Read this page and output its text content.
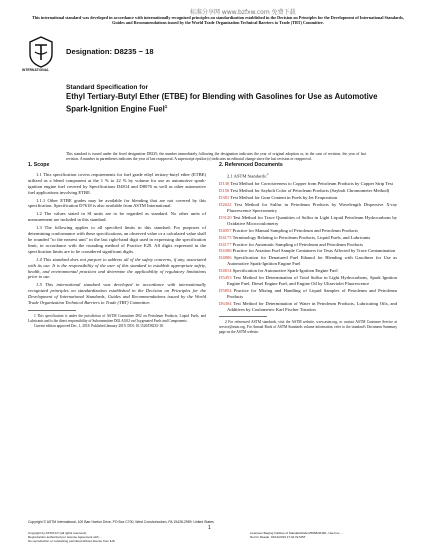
标准分享网 www.bzfxw.com 免费下载
This international standard was developed in accordance with internationally recognized principles on standardization established in the Decision on Principles for the Development of International Standards, Guides and Recommendations issued by the World Trade Organization Technical Barriers to Trade (TBT) Committee.
INTERNATIONAL
Designation: D8235 − 18
Standard Specification for
Ethyl Tertiary-Butyl Ether (ETBE) for Blending with Gasolines for Use as Automotive Spark-Ignition Engine Fuel$^1$
This standard is issued under the fixed designation D8235; the number immediately following the designation indicates the year of original adoption or, in the case of revision, the year of last revision. A number in parentheses indicates the year of last reapproval. A superscript epsilon (ε) indicates an editorial change since the last revision or reapproval.
1. Scope
1.1 This specification covers requirements for fuel grade ethyl tertiary-butyl ether (ETBE) utilized as a blend component at the 1 % to 22 % by volume for use as automotive spark-ignition engine fuel covered by Specifications D4814 and D8076 as well as other automotive fuel applications involving ETBE.
1.1.1 Other ETBE grades may be available for blending that are not covered by this specification. Specification D7618 is also available from ASTM International.
1.2 The values stated in SI units are to be regarded as standard. No other units of measurement are included in this standard.
1.3 The following applies to all specified limits in this standard: For purposes of determining conformance with these specifications, an observed value or a calculated value shall be rounded "to the nearest unit" in the last right-hand digit used in expressing the specification limit, in accordance with the rounding method of Practice E29. All digits expressed in the specification limits are to be considered significant digits.
1.4 This standard does not purport to address all of the safety concerns, if any, associated with its use. It is the responsibility of the user of this standard to establish appropriate safety, health, and environmental practices and determine the applicability of regulatory limitations prior to use.
1.5 This international standard was developed in accordance with internationally recognized principles on standardization established in the Decision on Principles for the Development of International Standards, Guides and Recommendations issued by the World Trade Organization Technical Barriers to Trade (TBT) Committee.
1 This specification is under the jurisdiction of ASTM Committee D02 on Petroleum Products, Liquid Fuels, and Lubricants and is the direct responsibility of Subcommittee D02.A0.02 on Oxygenated Fuels and Components.
Current edition approved Dec. 1, 2018. Published January 2019. DOI: 10.1520/D8235-18.
2. Referenced Documents
2.1 ASTM Standards:$^2$
D130 Test Method for Corrosiveness to Copper from Petroleum Products by Copper Strip Test
D156 Test Method for Saybolt Color of Petroleum Products (Saybolt Chromometer Method)
D381 Test Method for Gum Content in Fuels by Jet Evaporation
D2622 Test Method for Sulfur in Petroleum Products by Wavelength Dispersive X-ray Fluorescence Spectrometry
D3120 Test Method for Trace Quantities of Sulfur in Light Liquid Petroleum Hydrocarbons by Oxidative Microcoulometry
D4057 Practice for Manual Sampling of Petroleum and Petroleum Products
D4175 Terminology Relating to Petroleum Products, Liquid Fuels, and Lubricants
D4177 Practice for Automatic Sampling of Petroleum and Petroleum Products
D4306 Practice for Aviation Fuel Sample Containers for Tests Affected by Trace Contamination
D4806 Specification for Denatured Fuel Ethanol for Blending with Gasolines for Use as Automotive Spark-Ignition Engine Fuel
D4814 Specification for Automotive Spark-Ignition Engine Fuel
D5453 Test Method for Determination of Total Sulfur in Light Hydrocarbons, Spark Ignition Engine Fuel, Diesel Engine Fuel, and Engine Oil by Ultraviolet Fluorescence
D5854 Practice for Mixing and Handling of Liquid Samples of Petroleum and Petroleum Products
D6304 Test Method for Determination of Water in Petroleum Products, Lubricating Oils, and Additives by Coulometric Karl Fischer Titration
2 For referenced ASTM standards, visit the ASTM website, www.astm.org, or contact ASTM Customer Service at service@astm.org. For Annual Book of ASTM Standards volume information, refer to the standard's Document Summary page on the ASTM website.
Copyright © ASTM International, 100 Barr Harbor Drive, PO Box C700, West Conshohocken, PA 19428-2959. United States
1
Copyright by ASTM Int'l (all rights reserved);
Reproduction authorized per License Agreement with ...
No reproduction or networking permitted without license from IHS
Licensee=Daqing Institute of Standardization/5968111001, User=xx, ...
Not for Resale, 01/14/2019 17:42:32 MST
